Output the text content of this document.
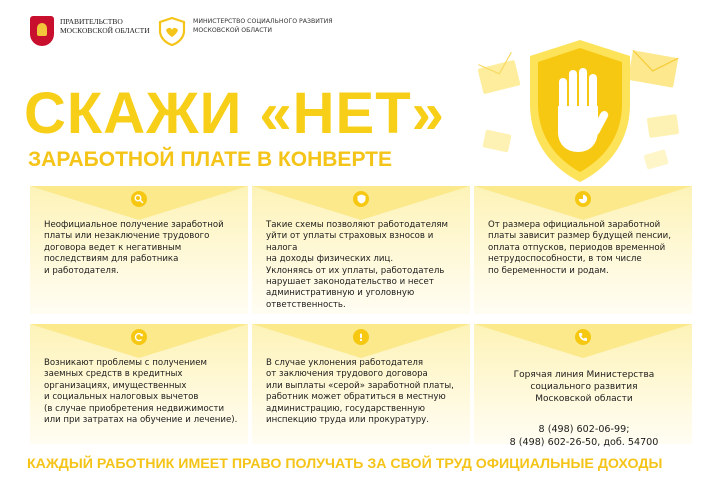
ПРАВИТЕЛЬСТВО МОСКОВСКОЙ ОБЛАСТИ
МИНИСТЕРСТВО СОЦИАЛЬНОГО РАЗВИТИЯ МОСКОВСКОЙ ОБЛАСТИ
СКАЖИ «НЕТ»
ЗАРАБОТНОЙ ПЛАТЕ В КОНВЕРТЕ
Неофициальное получение заработной
платы или незаключение трудового
договора ведет к негативным
последствиям для работника
и работодателя.
Такие схемы позволяют работодателям
уйти от уплаты страховых взносов и налога
на доходы физических лиц.
Уклоняясь от их уплаты, работодатель
нарушает законодательство и несет
административную и уголовную
ответственность.
От размера официальной заработной
платы зависит размер будущей пенсии,
оплата отпусков, периодов временной
нетрудоспособности, в том числе
по беременности и родам.
Возникают проблемы с получением
заемных средств в кредитных
организациях, имущественных
и социальных налоговых вычетов
(в случае приобретения недвижимости
или при затратах на обучение и лечение).
В случае уклонения работодателя
от заключения трудового договора
или выплаты «серой» заработной платы,
работник может обратиться в местную
администрацию, государственную
инспекцию труда или прокуратуру.

Горячая линия Министерства
социального развития
Московской области

8 (498) 602-06-99;
8 (498) 602-26-50, доб. 54700

КАЖДЫЙ РАБОТНИК ИМЕЕТ ПРАВО ПОЛУЧАТЬ ЗА СВОЙ ТРУД ОФИЦИАЛЬНЫЕ ДОХОДЫ
